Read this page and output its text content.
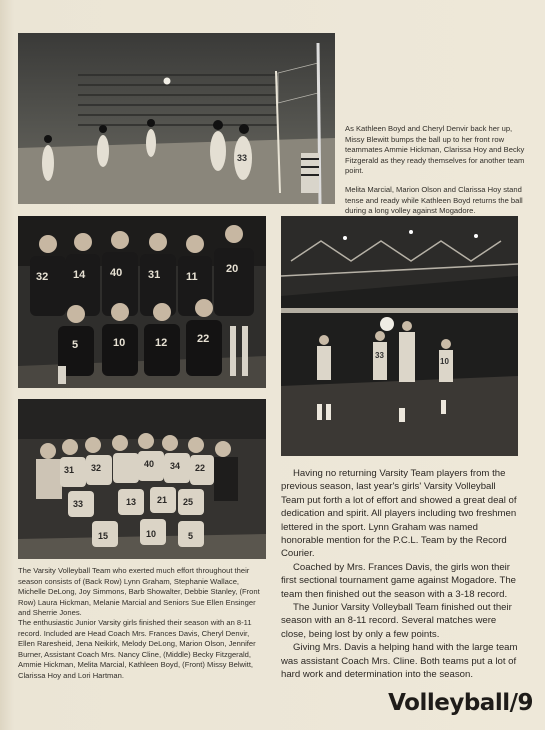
33
As Kathleen Boyd and Cheryl Denvir back her up, Missy Blewitt bumps the ball up to her front row teammates Ammie Hickman, Clarissa Hoy and Becky Fitzgerald as they ready themselves for another team point.
Melita Marcial, Marion Olson and Clarissa Hoy stand tense and ready while Kathleen Boyd returns the ball during a long volley against Mogadore.
32 14 40 31 11
20
5	10	12	22
31 32	40 34 22
33	13 21 25
15	10	5
33
10
The Varsity Volleyball Team who exerted much effort throughout their season consists of (Back Row) Lynn Graham, Stephanie Wallace, Michelle DeLong, Joy Simmons, Barb Showalter, Debbie Stanley, (Front Row) Laura Hickman, Melanie Marcial and Seniors Sue Ellen Ensinger and Sherrie Jones.
The enthusiastic Junior Varsity girls finished their season with an 8-11 record. Included are Head Coach Mrs. Frances Davis, Cheryl Denvir, Ellen Raresheid, Jena Neikirk, Melody DeLong, Marion Olson, Jennifer Burner, Assistant Coach Mrs. Nancy Cline, (Middle) Becky Fitzgerald, Ammie Hickman, Melita Marcial, Kathleen Boyd, (Front) Missy Belwitt, Clarissa Hoy and Lori Hartman.

Having no returning Varsity Team players from the previous season, last year's girls' Varsity Volleyball Team put forth a lot of effort and showed a great deal of dedication and spirit. All players including two freshmen lettered in the sport. Lynn Graham was named honorable mention for the P.C.L. Team by the Record Courier.

Coached by Mrs. Frances Davis, the girls won their first sectional tournament game against Mogadore. The team then finished out the season with a 3-18 record.

The Junior Varsity Volleyball Team finished out their season with an 8-11 record. Several matches were close, being lost by only a few points.

Giving Mrs. Davis a helping hand with the large team was assistant Coach Mrs. Cline. Both teams put a lot of hard work and determination into the season.

Volleyball/9
